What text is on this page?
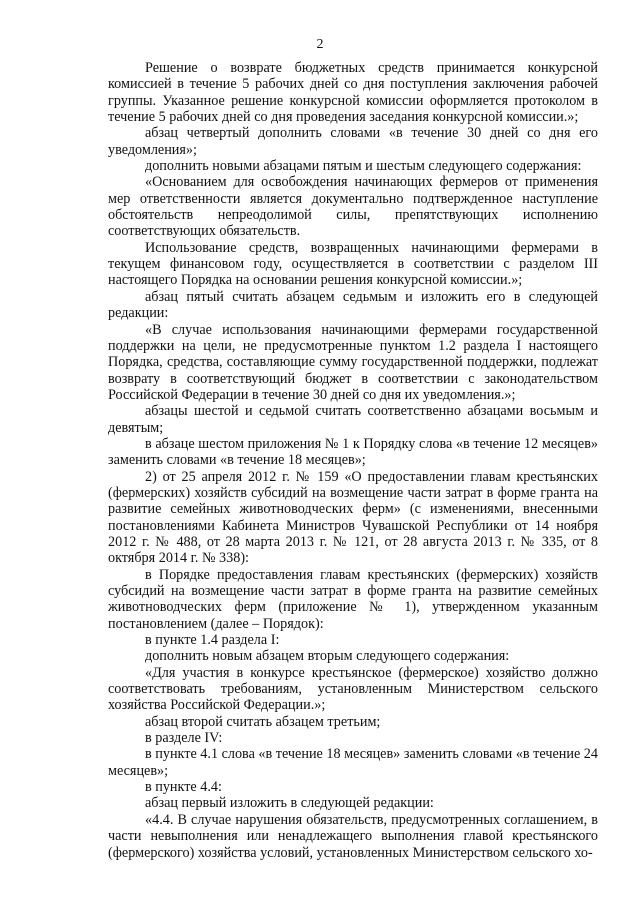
2

Решение о возврате бюджетных средств принимается конкурсной комиссией в течение 5 рабочих дней со дня поступления заключения рабочей группы. Указанное решение конкурсной комиссии оформляется протоколом в течение 5 рабочих дней со дня проведения заседания конкурсной комиссии.»;

абзац четвертый дополнить словами «в течение 30 дней со дня его уведомления»;

дополнить новыми абзацами пятым и шестым следующего содержания:

«Основанием для освобождения начинающих фермеров от применения мер ответственности является документально подтвержденное наступление обстоятельств непреодолимой силы, препятствующих исполнению соответствующих обязательств.

Использование средств, возвращенных начинающими фермерами в текущем финансовом году, осуществляется в соответствии с разделом III настоящего Порядка на основании решения конкурсной комиссии.»;

абзац пятый считать абзацем седьмым и изложить его в следующей редакции:

«В случае использования начинающими фермерами государственной поддержки на цели, не предусмотренные пунктом 1.2 раздела I настоящего Порядка, средства, составляющие сумму государственной поддержки, подлежат возврату в соответствующий бюджет в соответствии с законодательством Российской Федерации в течение 30 дней со дня их уведомления.»;

абзацы шестой и седьмой считать соответственно абзацами восьмым и девятым;

в абзаце шестом приложения № 1 к Порядку слова «в течение 12 месяцев» заменить словами «в течение 18 месяцев»;

2) от 25 апреля 2012 г. № 159 «О предоставлении главам крестьянских (фермерских) хозяйств субсидий на возмещение части затрат в форме гранта на развитие семейных животноводческих ферм» (с изменениями, внесенными постановлениями Кабинета Министров Чувашской Республики от 14 ноября 2012 г. № 488, от 28 марта 2013 г. № 121, от 28 августа 2013 г. № 335, от 8 октября 2014 г. № 338):

в Порядке предоставления главам крестьянских (фермерских) хозяйств субсидий на возмещение части затрат в форме гранта на развитие семейных животноводческих ферм (приложение № 1), утвержденном указанным постановлением (далее – Порядок):

в пункте 1.4 раздела I:

дополнить новым абзацем вторым следующего содержания:

«Для участия в конкурсе крестьянское (фермерское) хозяйство должно соответствовать требованиям, установленным Министерством сельского хозяйства Российской Федерации.»;

абзац второй считать абзацем третьим;

в разделе IV:

в пункте 4.1 слова «в течение 18 месяцев» заменить словами «в течение 24 месяцев»;

в пункте 4.4:

абзац первый изложить в следующей редакции:

«4.4. В случае нарушения обязательств, предусмотренных соглашением, в части невыполнения или ненадлежащего выполнения главой крестьянского (фермерского) хозяйства условий, установленных Министерством сельского хо-
